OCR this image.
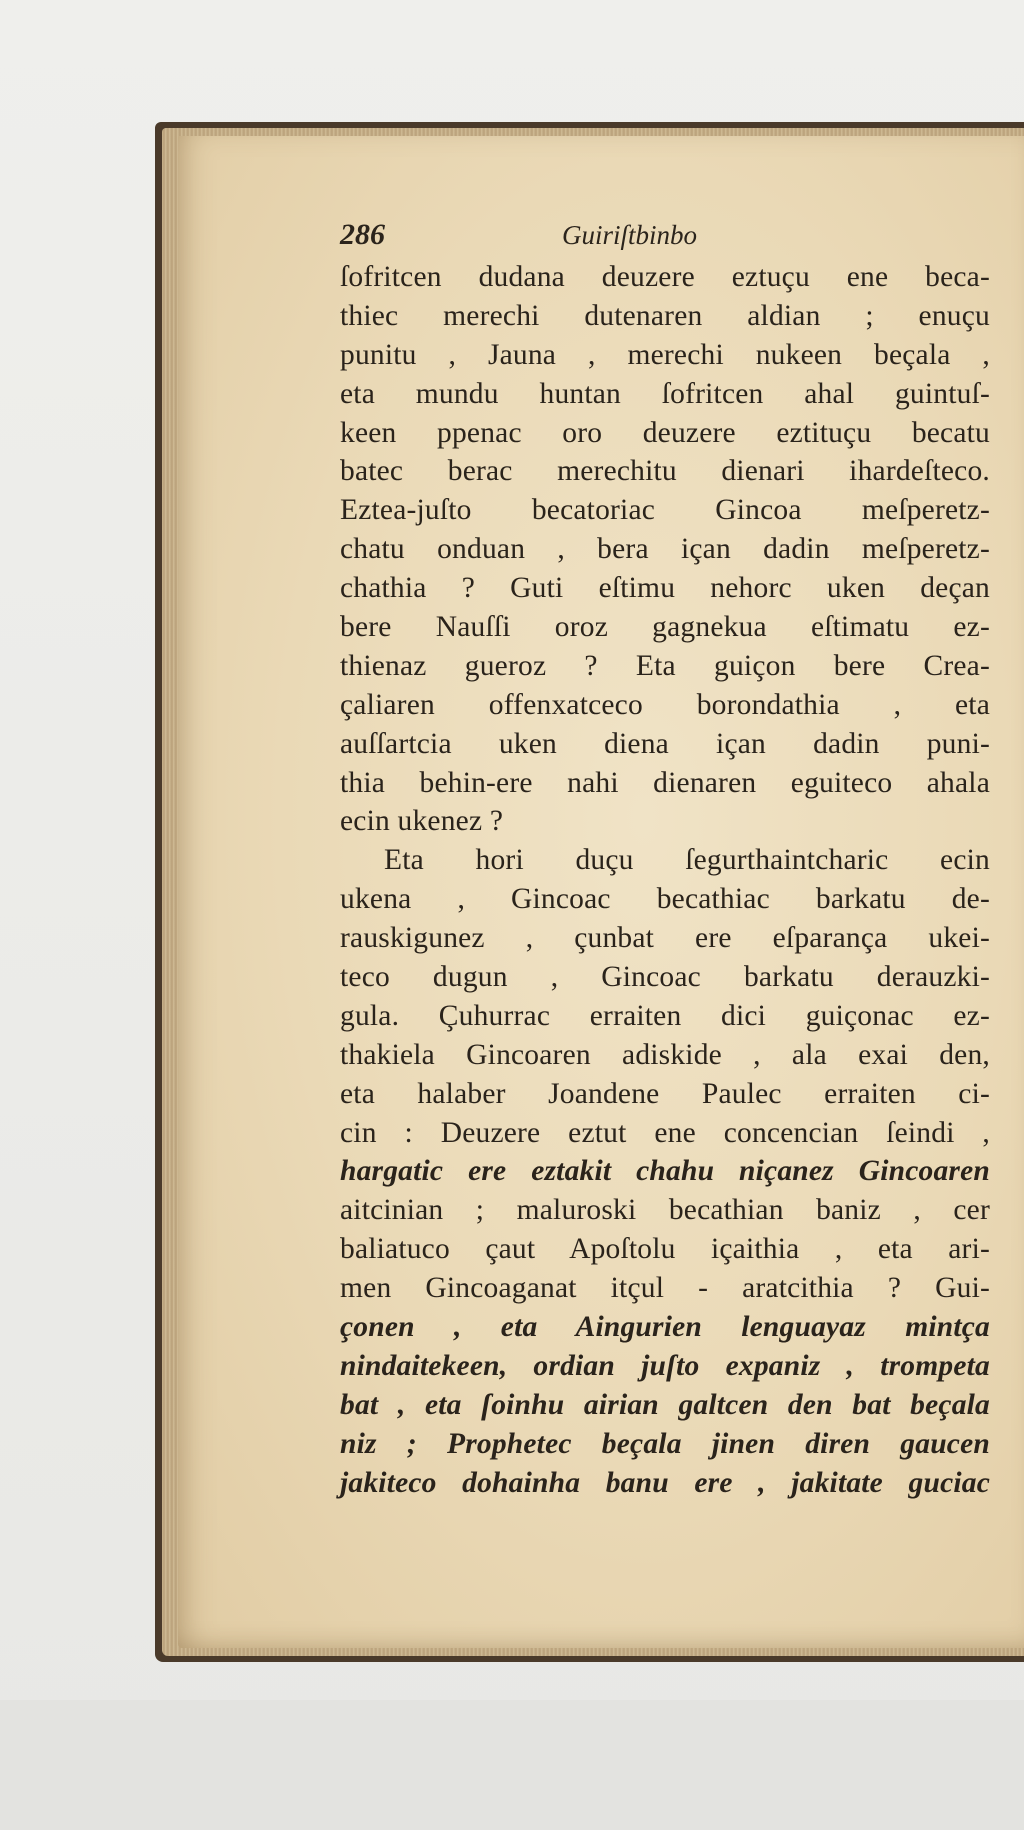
286	Guiriſtbinbo
ſofritcen dudana deuzere eztuçu ene beca-
thiec merechi dutenaren aldian ; enuçu
punitu , Jauna , merechi nukeen beçala ,
eta mundu huntan ſofritcen ahal guintuſ-
keen ppenac oro deuzere eztituçu becatu
batec berac merechitu dienari ihardeſteco.
Eztea-juſto becatoriac Gincoa meſperetz-
chatu onduan , bera içan dadin meſperetz-
chathia ? Guti eſtimu nehorc uken deçan
bere Nauſſi oroz gagnekua eſtimatu ez-
thienaz gueroz ? Eta guiçon bere Crea-
çaliaren offenxatceco borondathia , eta
auſſartcia uken diena içan dadin puni-
thia behin-ere nahi dienaren eguiteco ahala
ecin ukenez ?
Eta hori duçu ſegurthaintcharic ecin
ukena , Gincoac becathiac barkatu de-
rauskigunez , çunbat ere eſparança ukei-
teco dugun , Gincoac barkatu derauzki-
gula. Çuhurrac erraiten dici guiçonac ez-
thakiela Gincoaren adiskide , ala exai den,
eta halaber Joandene Paulec erraiten ci-
cin : Deuzere eztut ene concencian ſeindi ,
hargatic ere eztakit chahu niçanez Gincoaren
aitcinian ; maluroski becathian baniz , cer
baliatuco çaut Apoſtolu içaithia , eta ari-
men Gincoaganat itçul - aratcithia ? Gui-
çonen , eta Aingurien lenguayaz mintça
nindaitekeen, ordian juſto expaniz , trompeta
bat , eta ſoinhu airian galtcen den bat beçala
niz ; Prophetec beçala jinen diren gaucen
jakiteco dohainha banu ere , jakitate guciac
